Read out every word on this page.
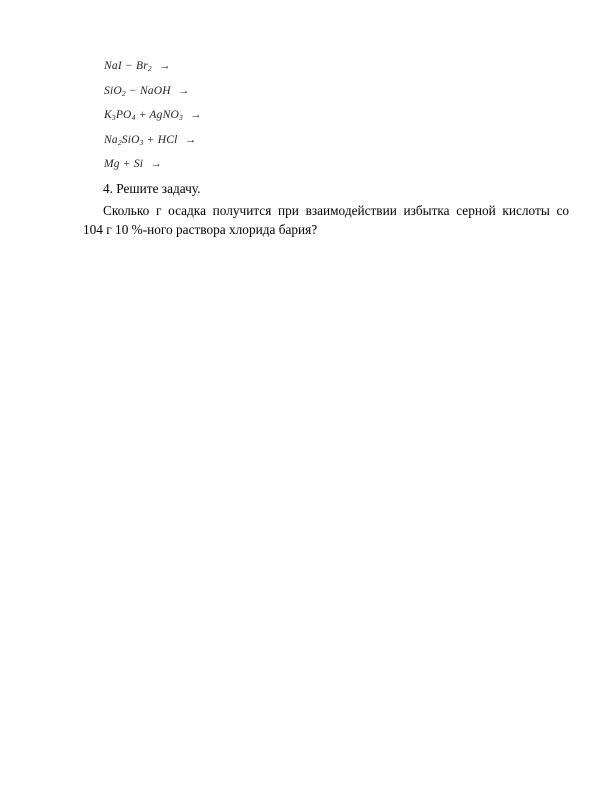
NaI − $Br_2$ →
SiO$_2$ − NaOH →
$K_3PO_4$ + AgNO$_3$ →
$Na_2SiO_3$ + HCl →
Mg + Si →
4. Решите задачу.
Сколько г осадка получится при взаимодействии избытка серной кислоты со
104 г 10 %-ного раствора хлорида бария?
